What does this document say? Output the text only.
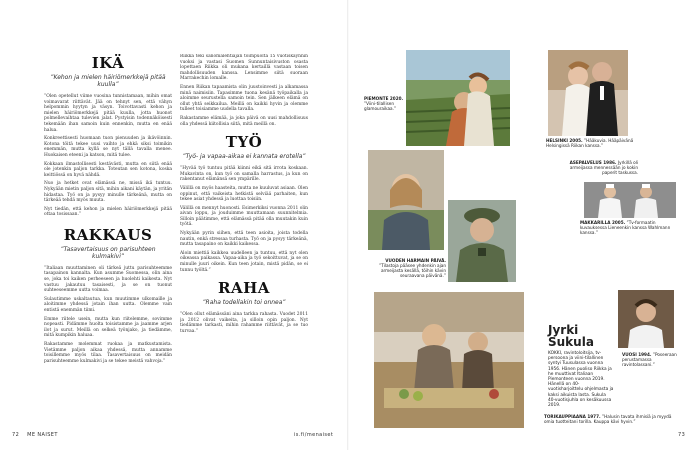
IKÄ
”Kehon ja mielen häiriömerkkejä pitää kuulla”

”Olen opetellut viime vuosina tunnistamaan, mihin omat voimavarat riittävät. Jää on tehnyt sen, että vähyn helpommin hyytyn ja väsyn. Toivottavasti kehon ja mielen häiriömerkkejä pitää kuulla, jotta huonot polmellevaihtaa tulevien jalat. Pystyisin todennäköisesti tekemään ihan samoin kuin ennenkin, mutta en enää halua.

Konkreettisesti huomaan tuon pienuuden ja ikävöinnin. Kotona töitä tekee uusi vaihto ja ehkä siksi toimikin enemmän, mutta kyllä se nyt tällä tavalla menee. Huokaisen eteeni ja katson, mitä tulee.

Kokkaan ilmastollisesti kestävästi, mutta en siitä enää ole jotenkin paljon tarkka. Toteutan sen kotona, koska keittiössä on hyvä nähdä.

Nuo ja hetket ovat elämässä ne, missä ikä tuntuu. Nykyään mietin paljon sitä, mihin aikani käytän, ja yritän hidastaa. Työ on ja pysyy minulle tärkeänä, mutta on tärkeää tehdä myös muuta.

Nyt tiedän, että kehon ja mielen häiriömerkkejä pitää ottaa tosissaan.”

RAKKAUS
”Tasavertaisuus on parisuhteen kulmakivi”

”Italiaan muuttaminen oli tärkeä juttu parisuhteemme tasapainon kannalta. Kun asumme Suomessa, olin aina se, joka toi kaiken perheeseen ja huolehti kaikesta. Nyt vastuu jakautuu tasaisesti, ja se on tuonut suhteeseemme uutta voimaa.

Sulautimme uskaltautua, kun muutimme ulkomaille ja aloitimme yhdessä jotain ihan uutta. Olemme vain entistä enemmän tiimi.

Emme riitele usein, mutta kun riitelemme, sovimme nopeasti. Pidämme huolta toisistamme ja jaamme arjen ilot ja surut. Meillä on selkeä työnjako, ja tiedämme, mitä kumpikin haluaa.

Rakastamme molemmat ruokaa ja matkustamista. Vietämme paljon aikaa yhdessä, mutta annamme toisillemme myös tilaa. Tasavertaisuus on meidän parisuhteemme kulmakivi ja se tekee meistä vahvoja.”

Riikka teki sanomalehtiajan toimpuolta 15 vuotiskäynnin vuoksi ja vastasi Suomen Sunnuntaisivuston osasta lopettaen Riikka oli mukana kertaillä vastaan toisen mahdollisuuden kanssa. Lensimme siitä suoraan Marrakechin lomalle.

Ennen Riikan tapaamista olin juustoinvesti ja alkamassa minä naimisiin. Tapasimme tuona kesänä työpaikalla ja aloimme seurustella samoin tein. Sen jälkeen elämä on ollut yhtä seikkailua. Meillä on kaikki hyvin ja olemme tulleet toisiamme uudella tavalla.

Rakastamme elämää, ja joka päivä on uusi mahdollisuus olla yhdessä kiitollisia siitä, mitä meillä on.

TYÖ
”Työ- ja vapaa-aikaa ei kannata erotella”

”Hyvää työ tuntuu pitää kiinni eikä sitä irrota koskaan. Mukavinta on, kun työ on samalla harrastus, ja kun on rakentanut elämänsä sen ympärille.

Välillä on myös haasteita, mutta ne kuuluvat asiaan. Olen oppinut, että vaikeista hetkistä selviää parhaiten, kun tekee asiat yhdessä ja luottaa toisiin.

Välillä on mennyt huonosti. Esimerkiksi vuonna 2011 olin aivan loppu, ja jouduimme muuttamaan suunnitelmia. Silloin päätimme, että elämässä pitää olla muutakin kuin työtä.

Nykyään pyrin siihen, että teen asioita, joista todella nautin, enkä stressaa turhasta. Työ on ja pysyy tärkeänä, mutta tasapaino on kaikki kaikessa.

Aloin miettiä kaikkea uudelleen ja tuntuu, että nyt olen oikeassa paikassa. Vapaa-aika ja työ sekoittuvat, ja se on minulle juuri oikein. Kun teen jotain, mistä pidän, se ei tunnu työltä.”

RAHA
”Raha todellakin toi onnea”

”Olen ollut elämässäni aina tarkka rahasta. Vuodet 2011 ja 2012 olivat vaikeita, ja silloin opin paljon. Nyt tiedämme tarkasti, mihin rahamme riittävät, ja se tuo turvaa.”

72 ME NAISET	is.fi/menaiset
PIEMONTE 2020.
”Viini-tilallisen glamouraikaa.”
HELSINKI 2005. ”Hääkuvia. Hääpäivänä Helsingissä Riikan kanssa.”
ASEPALVELUS 1986. Jyrkillä oli armeijassa mennessään jo kokin paperit taskussa.
MAKKARILLA 2005. ”Tv-formaatin kuvauksessa Lieneenkin kanssa Wahlmann kanssa.”
VUODEN HARMAIN PÄIVÄ. ”Tilastoja pääsee yhdenkin ajan armeijasta kesällä, töihin kävin seuraavana päivänä.”
VUOSI 1994. ”Poseeraan perustamassa ravintolassani.”
Jyrki
Sukula
KOKKI, ravintoloitsija, tv-persoona ja viini-tilallinen syntyi Tuusulassa vuonna 1956. Hänen puoliso Riikka ja he muuttivat Italiaan Piemonteen vuonna 2019. Hänellä on 40-vuotisharjoittelu ohjelmasta ja kaksi aikuista lasta. Sukula 40-vuotisjuhla on kesäkuussa 2019.
TORIKAUPPIAANA 1977. ”Halusin tavata ihmisiä ja myydä omia tuotteitani torilla. Kauppa kävi hyvin.”
73
